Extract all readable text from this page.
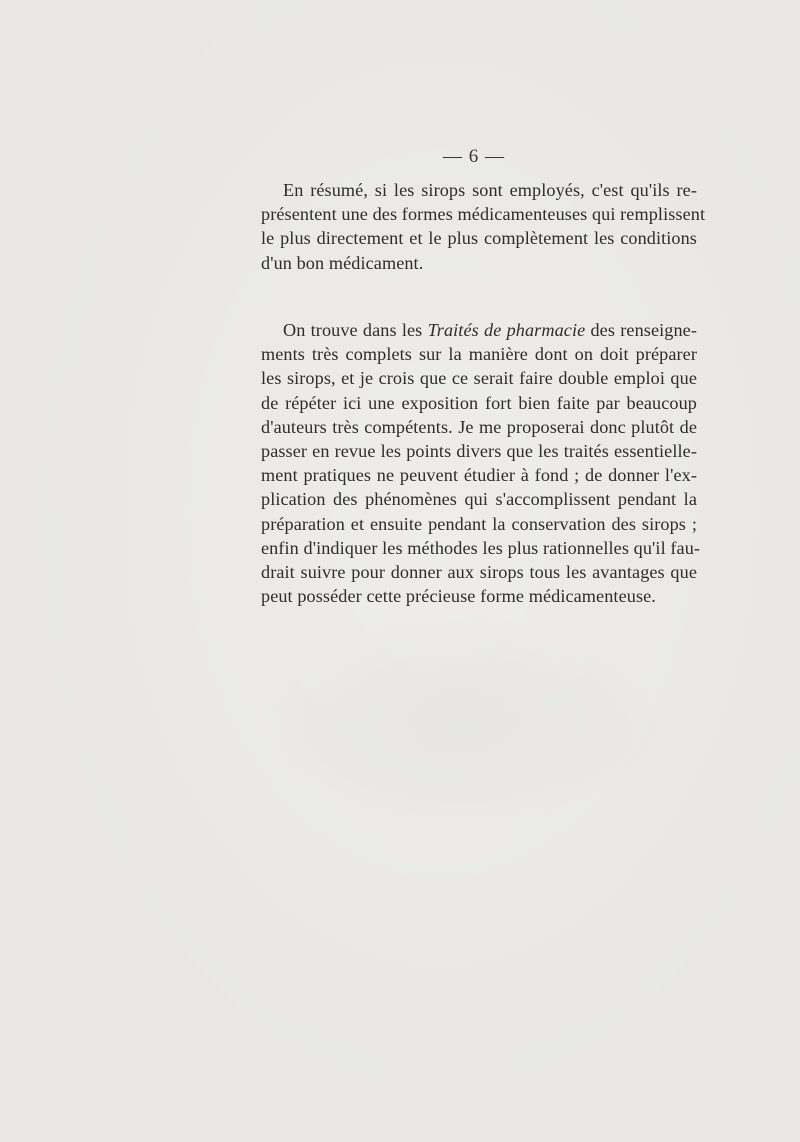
— 6 —
En résumé, si les sirops sont employés, c'est qu'ils re-
présentent une des formes médicamenteuses qui remplissent
le plus directement et le plus complètement les conditions
d'un bon médicament.
On trouve dans les Traités de pharmacie des renseigne-
ments très complets sur la manière dont on doit préparer
les sirops, et je crois que ce serait faire double emploi que
de répéter ici une exposition fort bien faite par beaucoup
d'auteurs très compétents. Je me proposerai donc plutôt de
passer en revue les points divers que les traités essentielle-
ment pratiques ne peuvent étudier à fond ; de donner l'ex-
plication des phénomènes qui s'accomplissent pendant la
préparation et ensuite pendant la conservation des sirops ;
enfin d'indiquer les méthodes les plus rationnelles qu'il fau-
drait suivre pour donner aux sirops tous les avantages que
peut posséder cette précieuse forme médicamenteuse.
